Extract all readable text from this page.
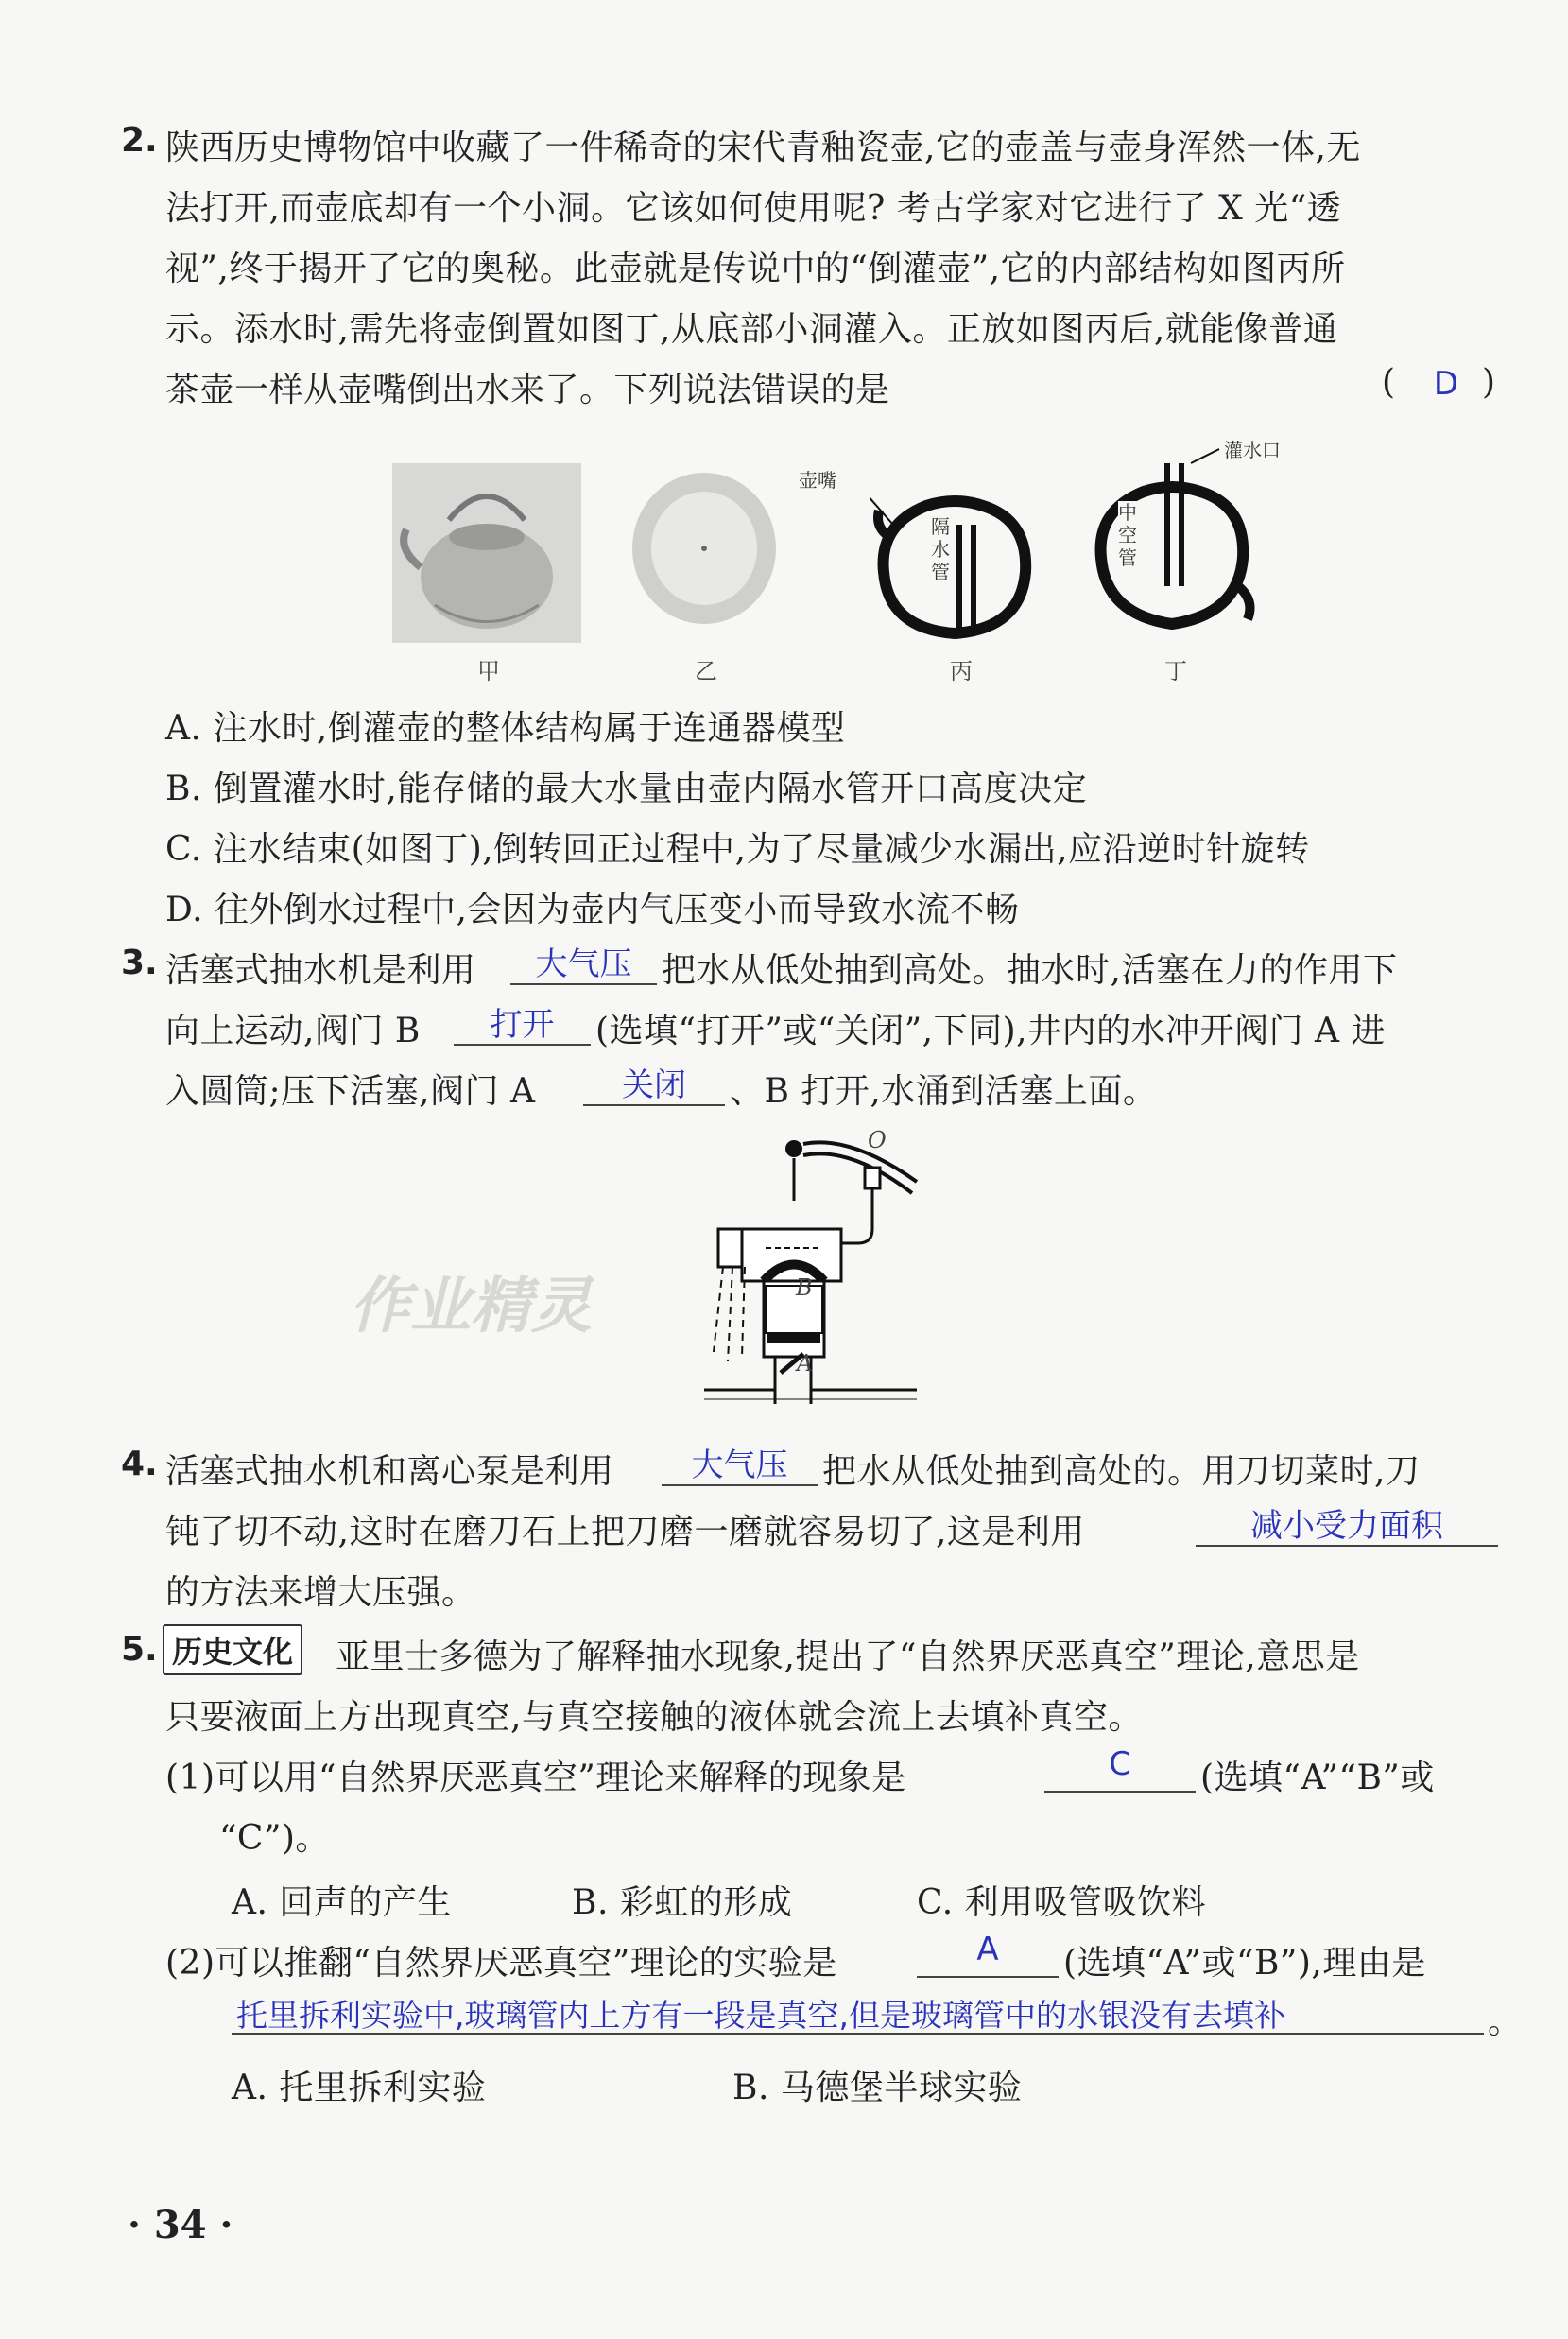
2. 陕西历史博物馆中收藏了一件稀奇的宋代青釉瓷壶,它的壶盖与壶身浑然一体,无
法打开,而壶底却有一个小洞。它该如何使用呢? 考古学家对它进行了 X 光“透
视”,终于揭开了它的奥秘。此壶就是传说中的“倒灌壶”,它的内部结构如图丙所
示。添水时,需先将壶倒置如图丁,从底部小洞灌入。正放如图丙后,就能像普通
茶壶一样从壶嘴倒出水来了。下列说法错误的是	(	D )
壶嘴
隔水管
灌水口
中空管
甲	乙	丙	丁
A. 注水时,倒灌壶的整体结构属于连通器模型
B. 倒置灌水时,能存储的最大水量由壶内隔水管开口高度决定
C. 注水结束(如图丁),倒转回正过程中,为了尽量减少水漏出,应沿逆时针旋转
D. 往外倒水过程中,会因为壶内气压变小而导致水流不畅
3. 活塞式抽水机是利用	大气压 把水从低处抽到高处。抽水时,活塞在力的作用下
向上运动,阀门 B	打开	(选填“打开”或“关闭”,下同),井内的水冲开阀门 A 进
入圆筒;压下活塞,阀门 A	关闭	、B 打开,水涌到活塞上面。
O
B
A
作业精灵
4. 活塞式抽水机和离心泵是利用	大气压	把水从低处抽到高处的。用刀切菜时,刀
钝了切不动,这时在磨刀石上把刀磨一磨就容易切了,这是利用	减小受力面积
的方法来增大压强。
5. 历史文化 亚里士多德为了解释抽水现象,提出了“自然界厌恶真空”理论,意思是
只要液面上方出现真空,与真空接触的液体就会流上去填补真空。
(1)可以用“自然界厌恶真空”理论来解释的现象是	C	(选填“A”“B”或
“C”)。
A. 回声的产生	B. 彩虹的形成	C. 利用吸管吸饮料
(2)可以推翻“自然界厌恶真空”理论的实验是	A	(选填“A”或“B”),理由是
托里拆利实验中,玻璃管内上方有一段是真空,但是玻璃管中的水银没有去填补	。
A. 托里拆利实验	B. 马德堡半球实验
· 34 ·
